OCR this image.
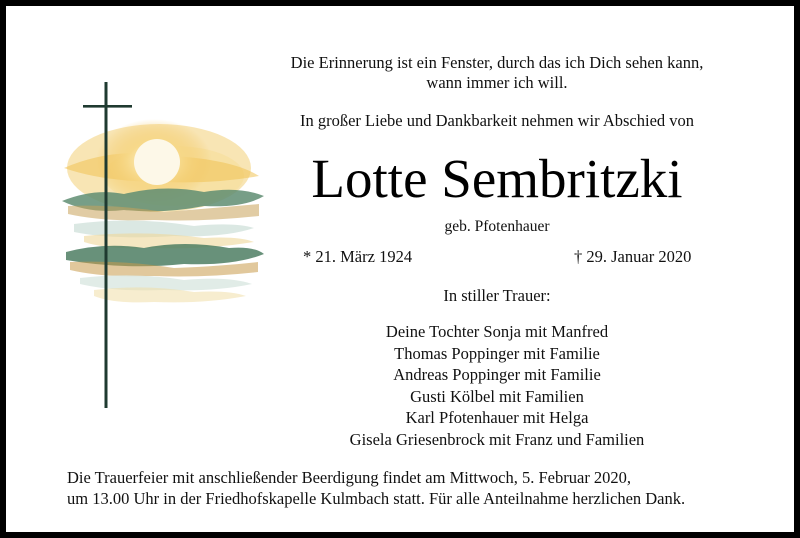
Die Erinnerung ist ein Fenster, durch das ich Dich sehen kann,
wann immer ich will.
In großer Liebe und Dankbarkeit nehmen wir Abschied von
Lotte Sembritzki
geb. Pfotenhauer
* 21. März 1924	† 29. Januar 2020
In stiller Trauer:
Deine Tochter Sonja mit Manfred
Thomas Poppinger mit Familie
Andreas Poppinger mit Familie
Gusti Kölbel mit Familien
Karl Pfotenhauer mit Helga
Gisela Griesenbrock mit Franz und Familien
Die Trauerfeier mit anschließender Beerdigung findet am Mittwoch, 5. Februar 2020,
um 13.00 Uhr in der Friedhofskapelle Kulmbach statt. Für alle Anteilnahme herzlichen Dank.
